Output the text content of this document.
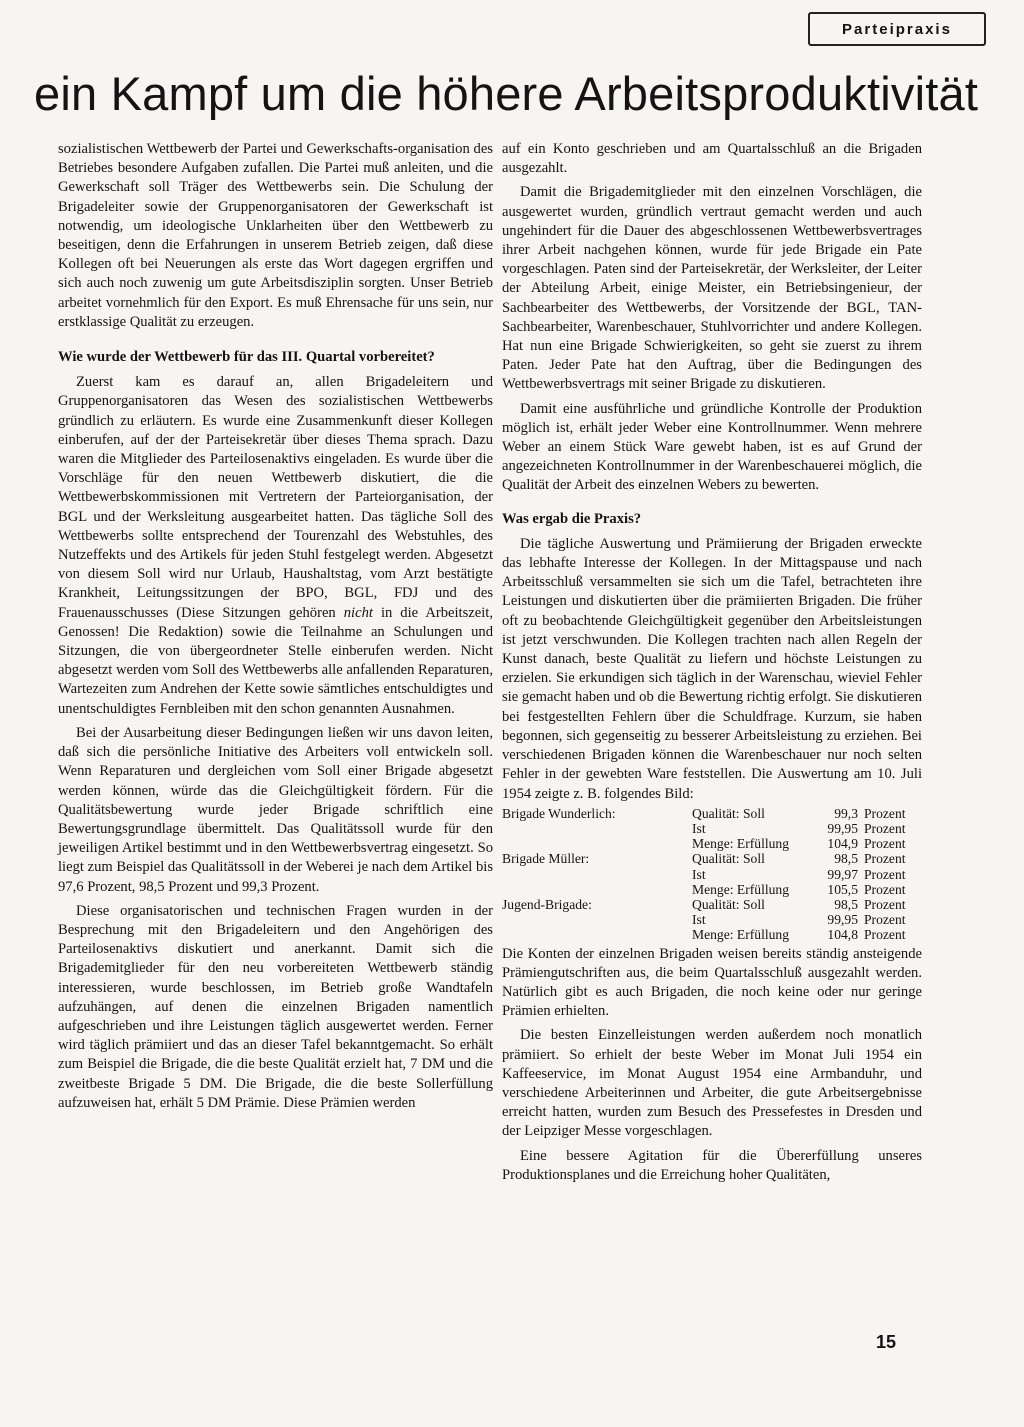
Parteipraxis
ein Kampf um die höhere Arbeitsproduktivität

sozialistischen Wettbewerb der Partei und Gewerkschafts-organisation des Betriebes besondere Aufgaben zufallen. Die Partei muß anleiten, und die Gewerkschaft soll Träger des Wettbewerbs sein. Die Schulung der Brigadeleiter sowie der Gruppenorganisatoren der Gewerkschaft ist notwendig, um ideologische Unklarheiten über den Wettbewerb zu beseitigen, denn die Erfahrungen in unserem Betrieb zeigen, daß diese Kollegen oft bei Neuerungen als erste das Wort dagegen ergriffen und sich auch noch zuwenig um gute Arbeitsdisziplin sorgten. Unser Betrieb arbeitet vornehmlich für den Export. Es muß Ehrensache für uns sein, nur erstklassige Qualität zu erzeugen.

Wie wurde der Wettbewerb für das III. Quartal vorbereitet?

Zuerst kam es darauf an, allen Brigadeleitern und Gruppenorganisatoren das Wesen des sozialistischen Wettbewerbs gründlich zu erläutern. Es wurde eine Zusammenkunft dieser Kollegen einberufen, auf der der Parteisekretär über dieses Thema sprach. Dazu waren die Mitglieder des Parteilosenaktivs eingeladen. Es wurde über die Vorschläge für den neuen Wettbewerb diskutiert, die die Wettbewerbskommissionen mit Vertretern der Parteiorganisation, der BGL und der Werksleitung ausgearbeitet hatten. Das tägliche Soll des Wettbewerbs sollte entsprechend der Tourenzahl des Webstuhles, des Nutzeffekts und des Artikels für jeden Stuhl festgelegt werden. Abgesetzt von diesem Soll wird nur Urlaub, Haushaltstag, vom Arzt bestätigte Krankheit, Leitungssitzungen der BPO, BGL, FDJ und des Frauenausschusses (Diese Sitzungen gehören nicht in die Arbeitszeit, Genossen! Die Redaktion) sowie die Teilnahme an Schulungen und Sitzungen, die von übergeordneter Stelle einberufen werden. Nicht abgesetzt werden vom Soll des Wettbewerbs alle anfallenden Reparaturen, Wartezeiten zum Andrehen der Kette sowie sämtliches entschuldigtes und unentschuldigtes Fernbleiben mit den schon genannten Ausnahmen.

Bei der Ausarbeitung dieser Bedingungen ließen wir uns davon leiten, daß sich die persönliche Initiative des Arbeiters voll entwickeln soll. Wenn Reparaturen und dergleichen vom Soll einer Brigade abgesetzt werden können, würde das die Gleichgültigkeit fördern. Für die Qualitätsbewertung wurde jeder Brigade schriftlich eine Bewertungsgrundlage übermittelt. Das Qualitätssoll wurde für den jeweiligen Artikel bestimmt und in den Wettbewerbsvertrag eingesetzt. So liegt zum Beispiel das Qualitätssoll in der Weberei je nach dem Artikel bis 97,6 Prozent, 98,5 Prozent und 99,3 Prozent.

Diese organisatorischen und technischen Fragen wurden in der Besprechung mit den Brigadeleitern und den Angehörigen des Parteilosenaktivs diskutiert und anerkannt. Damit sich die Brigademitglieder für den neu vorbereiteten Wettbewerb ständig interessieren, wurde beschlossen, im Betrieb große Wandtafeln aufzuhängen, auf denen die einzelnen Brigaden namentlich aufgeschrieben und ihre Leistungen täglich ausgewertet werden. Ferner wird täglich prämiiert und das an dieser Tafel bekanntgemacht. So erhält zum Beispiel die Brigade, die die beste Qualität erzielt hat, 7 DM und die zweitbeste Brigade 5 DM. Die Brigade, die die beste Sollerfüllung aufzuweisen hat, erhält 5 DM Prämie. Diese Prämien werden

auf ein Konto geschrieben und am Quartalsschluß an die Brigaden ausgezahlt.

Damit die Brigademitglieder mit den einzelnen Vorschlägen, die ausgewertet wurden, gründlich vertraut gemacht werden und auch ungehindert für die Dauer des abgeschlossenen Wettbewerbsvertrages ihrer Arbeit nachgehen können, wurde für jede Brigade ein Pate vorgeschlagen. Paten sind der Parteisekretär, der Werksleiter, der Leiter der Abteilung Arbeit, einige Meister, ein Betriebsingenieur, der Sachbearbeiter des Wettbewerbs, der Vorsitzende der BGL, TAN-Sachbearbeiter, Warenbeschauer, Stuhlvorrichter und andere Kollegen. Hat nun eine Brigade Schwierigkeiten, so geht sie zuerst zu ihrem Paten. Jeder Pate hat den Auftrag, über die Bedingungen des Wettbewerbsvertrags mit seiner Brigade zu diskutieren.

Damit eine ausführliche und gründliche Kontrolle der Produktion möglich ist, erhält jeder Weber eine Kontrollnummer. Wenn mehrere Weber an einem Stück Ware gewebt haben, ist es auf Grund der angezeichneten Kontrollnummer in der Warenbeschauerei möglich, die Qualität der Arbeit des einzelnen Webers zu bewerten.

Was ergab die Praxis?

Die tägliche Auswertung und Prämiierung der Brigaden erweckte das lebhafte Interesse der Kollegen. In der Mittagspause und nach Arbeitsschluß versammelten sie sich um die Tafel, betrachteten ihre Leistungen und diskutierten über die prämiierten Brigaden. Die früher oft zu beobachtende Gleichgültigkeit gegenüber den Arbeitsleistungen ist jetzt verschwunden. Die Kollegen trachten nach allen Regeln der Kunst danach, beste Qualität zu liefern und höchste Leistungen zu erzielen. Sie erkundigen sich täglich in der Warenschau, wieviel Fehler sie gemacht haben und ob die Bewertung richtig erfolgt. Sie diskutieren bei festgestellten Fehlern über die Schuldfrage. Kurzum, sie haben begonnen, sich gegenseitig zu besserer Arbeitsleistung zu erziehen. Bei verschiedenen Brigaden können die Warenbeschauer nur noch selten Fehler in der gewebten Ware feststellen. Die Auswertung am 10. Juli 1954 zeigte z. B. folgendes Bild:

Brigade Wunderlich:	Qualität: Soll	99,3	Prozent
	Ist	99,95	Prozent
	Menge: Erfüllung	104,9	Prozent
Brigade Müller:	Qualität: Soll	98,5	Prozent
	Ist	99,97	Prozent
	Menge: Erfüllung	105,5	Prozent
Jugend-Brigade:	Qualität: Soll	98,5	Prozent
	Ist	99,95	Prozent
	Menge: Erfüllung	104,8	Prozent

Die Konten der einzelnen Brigaden weisen bereits ständig ansteigende Prämiengutschriften aus, die beim Quartalsschluß ausgezahlt werden. Natürlich gibt es auch Brigaden, die noch keine oder nur geringe Prämien erhielten.

Die besten Einzelleistungen werden außerdem noch monatlich prämiiert. So erhielt der beste Weber im Monat Juli 1954 ein Kaffeeservice, im Monat August 1954 eine Armbanduhr, und verschiedene Arbeiterinnen und Arbeiter, die gute Arbeitsergebnisse erreicht hatten, wurden zum Besuch des Pressefestes in Dresden und der Leipziger Messe vorgeschlagen.

Eine bessere Agitation für die Übererfüllung unseres Produktionsplanes und die Erreichung hoher Qualitäten,

15
